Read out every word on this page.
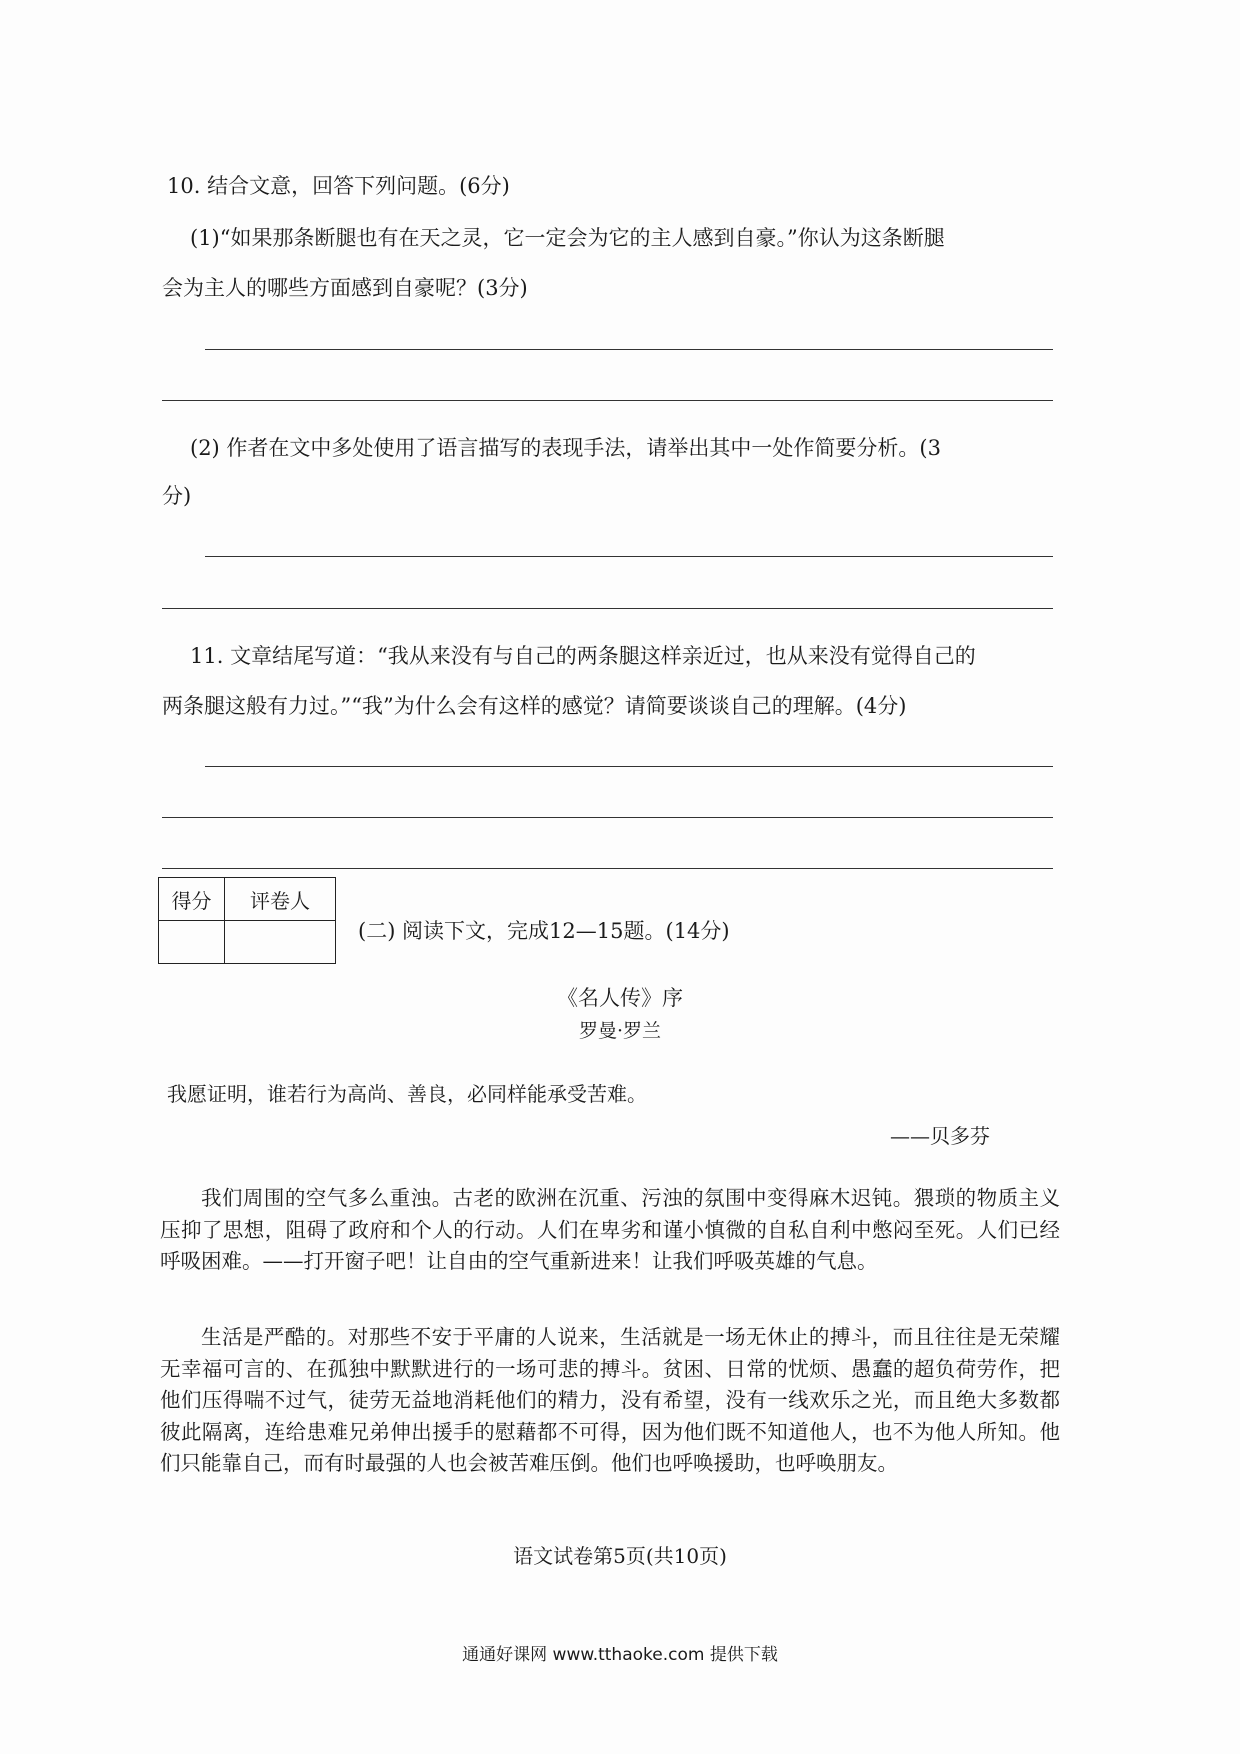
10. 结合文意，回答下列问题。(6分)
(1)“如果那条断腿也有在天之灵，它一定会为它的主人感到自豪。”你认为这条断腿
会为主人的哪些方面感到自豪呢？(3分)
(2) 作者在文中多处使用了语言描写的表现手法，请举出其中一处作简要分析。(3
分)
11. 文章结尾写道：“我从来没有与自己的两条腿这样亲近过，也从来没有觉得自己的
两条腿这般有力过。”“我”为什么会有这样的感觉？请简要谈谈自己的理解。(4分)
得分	评卷人

(二) 阅读下文，完成12—15题。(14分)
《名人传》序
罗曼·罗兰
我愿证明，谁若行为高尚、善良，必同样能承受苦难。
——贝多芬
我们周围的空气多么重浊。古老的欧洲在沉重、污浊的氛围中变得麻木迟钝。猥琐的物质主义压抑了思想，阻碍了政府和个人的行动。人们在卑劣和谨小慎微的自私自利中憋闷至死。人们已经呼吸困难。——打开窗子吧！让自由的空气重新进来！让我们呼吸英雄的气息。
生活是严酷的。对那些不安于平庸的人说来，生活就是一场无休止的搏斗，而且往往是无荣耀无幸福可言的、在孤独中默默进行的一场可悲的搏斗。贫困、日常的忧烦、愚蠢的超负荷劳作，把他们压得喘不过气，徒劳无益地消耗他们的精力，没有希望，没有一线欢乐之光，而且绝大多数都彼此隔离，连给患难兄弟伸出援手的慰藉都不可得，因为他们既不知道他人，也不为他人所知。他们只能靠自己，而有时最强的人也会被苦难压倒。他们也呼唤援助，也呼唤朋友。
语文试卷第5页(共10页)
通通好课网 www.tthaoke.com 提供下载
